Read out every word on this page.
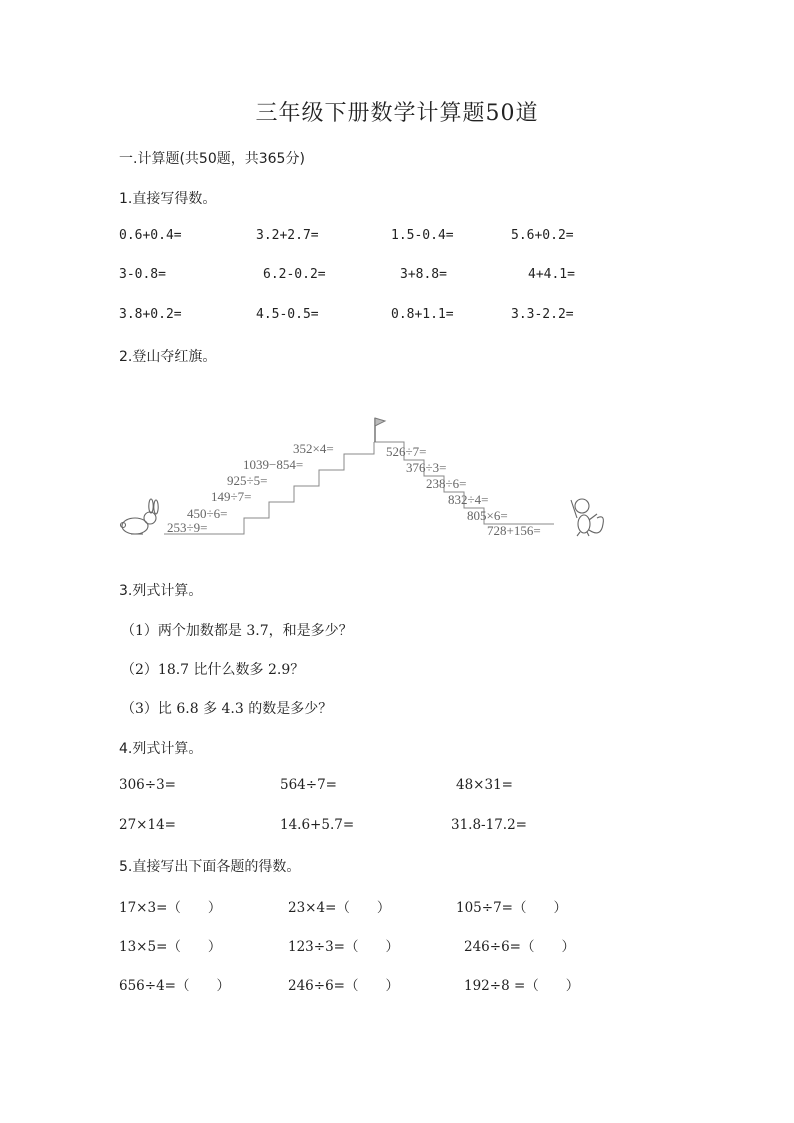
三年级下册数学计算题50道
一.计算题(共50题，共365分)
1.直接写得数。
0.6+0.4=	3.2+2.7=	1.5-0.4=	5.6+0.2=
3-0.8=	6.2-0.2=	3+8.8=	4+4.1=
3.8+0.2=	4.5-0.5=	0.8+1.1=	3.3-2.2=
2.登山夺红旗。
253÷9=
450÷6=
149÷7=
925÷5=
1039−854=
352×4=	526÷7=
376÷3=
238÷6=
832÷4=
805×6=
728+156=
3.列式计算。
（1）两个加数都是 3.7，和是多少？
（2）18.7 比什么数多 2.9？
（3）比 6.8 多 4.3 的数是多少？
4.列式计算。
306÷3=	564÷7=	48×31=
27×14=	14.6+5.7=	31.8-17.2=
5.直接写出下面各题的得数。
17×3=（　　）	23×4=（　　）	105÷7=（　　）
13×5=（　　）	123÷3=（　　）	246÷6=（　　）
656÷4=（　　）	246÷6=（　　）	192÷8 =（　　）
